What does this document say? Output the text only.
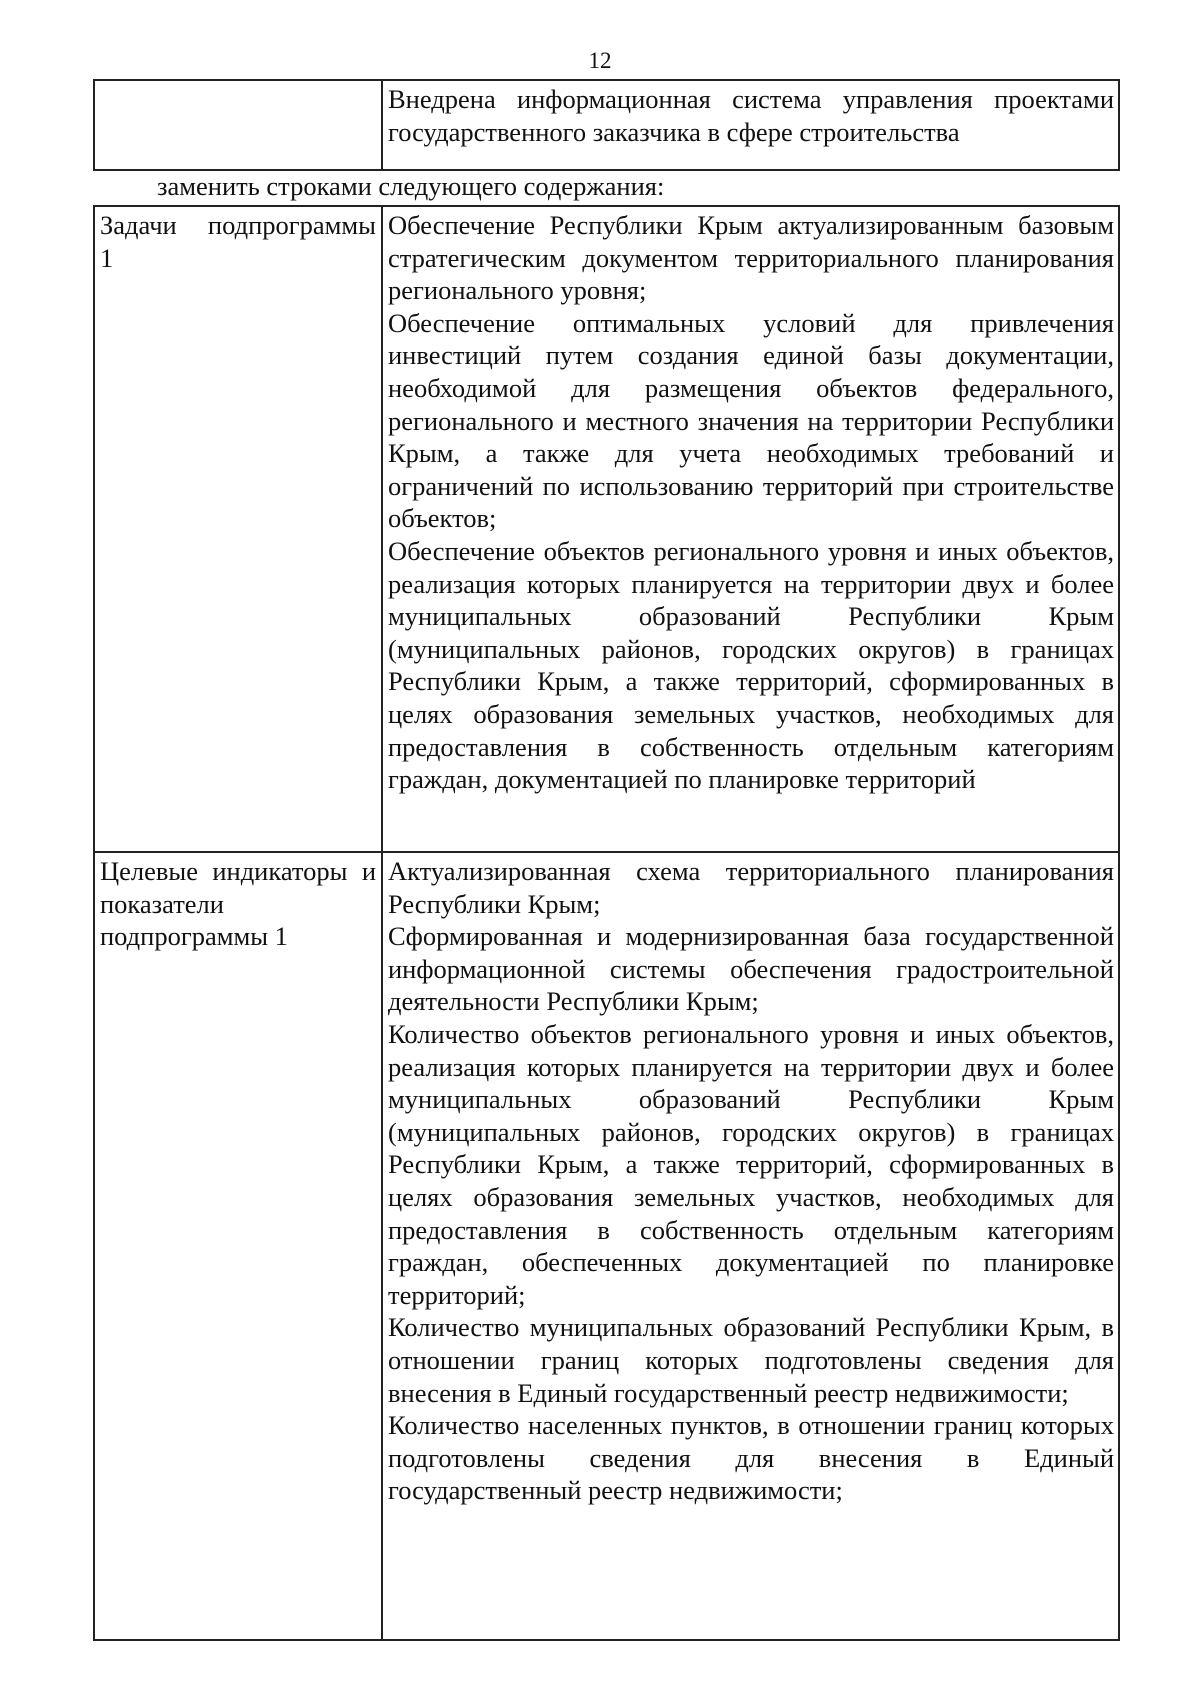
12

Внедрена информационная система управления проектами государственного заказчика в сфере строительства
заменить строками следующего содержания:
Задачи подпрограммы
1	Обеспечение Республики Крым актуализированным базовым стратегическим документом территориального планирования регионального уровня;
Обеспечение оптимальных условий для привлечения инвестиций путем создания единой базы документации, необходимой для размещения объектов федерального, регионального и местного значения на территории Республики Крым, а также для учета необходимых требований и ограничений по использованию территорий при строительстве объектов;
Обеспечение объектов регионального уровня и иных объектов, реализация которых планируется на территории двух и более муниципальных образований Республики Крым (муниципальных районов, городских округов) в границах Республики Крым, а также территорий, сформированных в целях образования земельных участков, необходимых для предоставления в собственность отдельным категориям граждан, документацией по планировке территорий

Целевые индикаторы и показатели
подпрограммы 1	Актуализированная схема территориального планирования Республики Крым;
Сформированная и модернизированная база государственной информационной системы обеспечения градостроительной деятельности Республики Крым;
Количество объектов регионального уровня и иных объектов, реализация которых планируется на территории двух и более муниципальных образований Республики Крым (муниципальных районов, городских округов) в границах Республики Крым, а также территорий, сформированных в целях образования земельных участков, необходимых для предоставления в собственность отдельным категориям граждан, обеспеченных документацией по планировке территорий;
Количество муниципальных образований Республики Крым, в отношении границ которых подготовлены сведения для внесения в Единый государственный реестр недвижимости;
Количество населенных пунктов, в отношении границ которых подготовлены сведения для внесения в Единый государственный реестр недвижимости;
